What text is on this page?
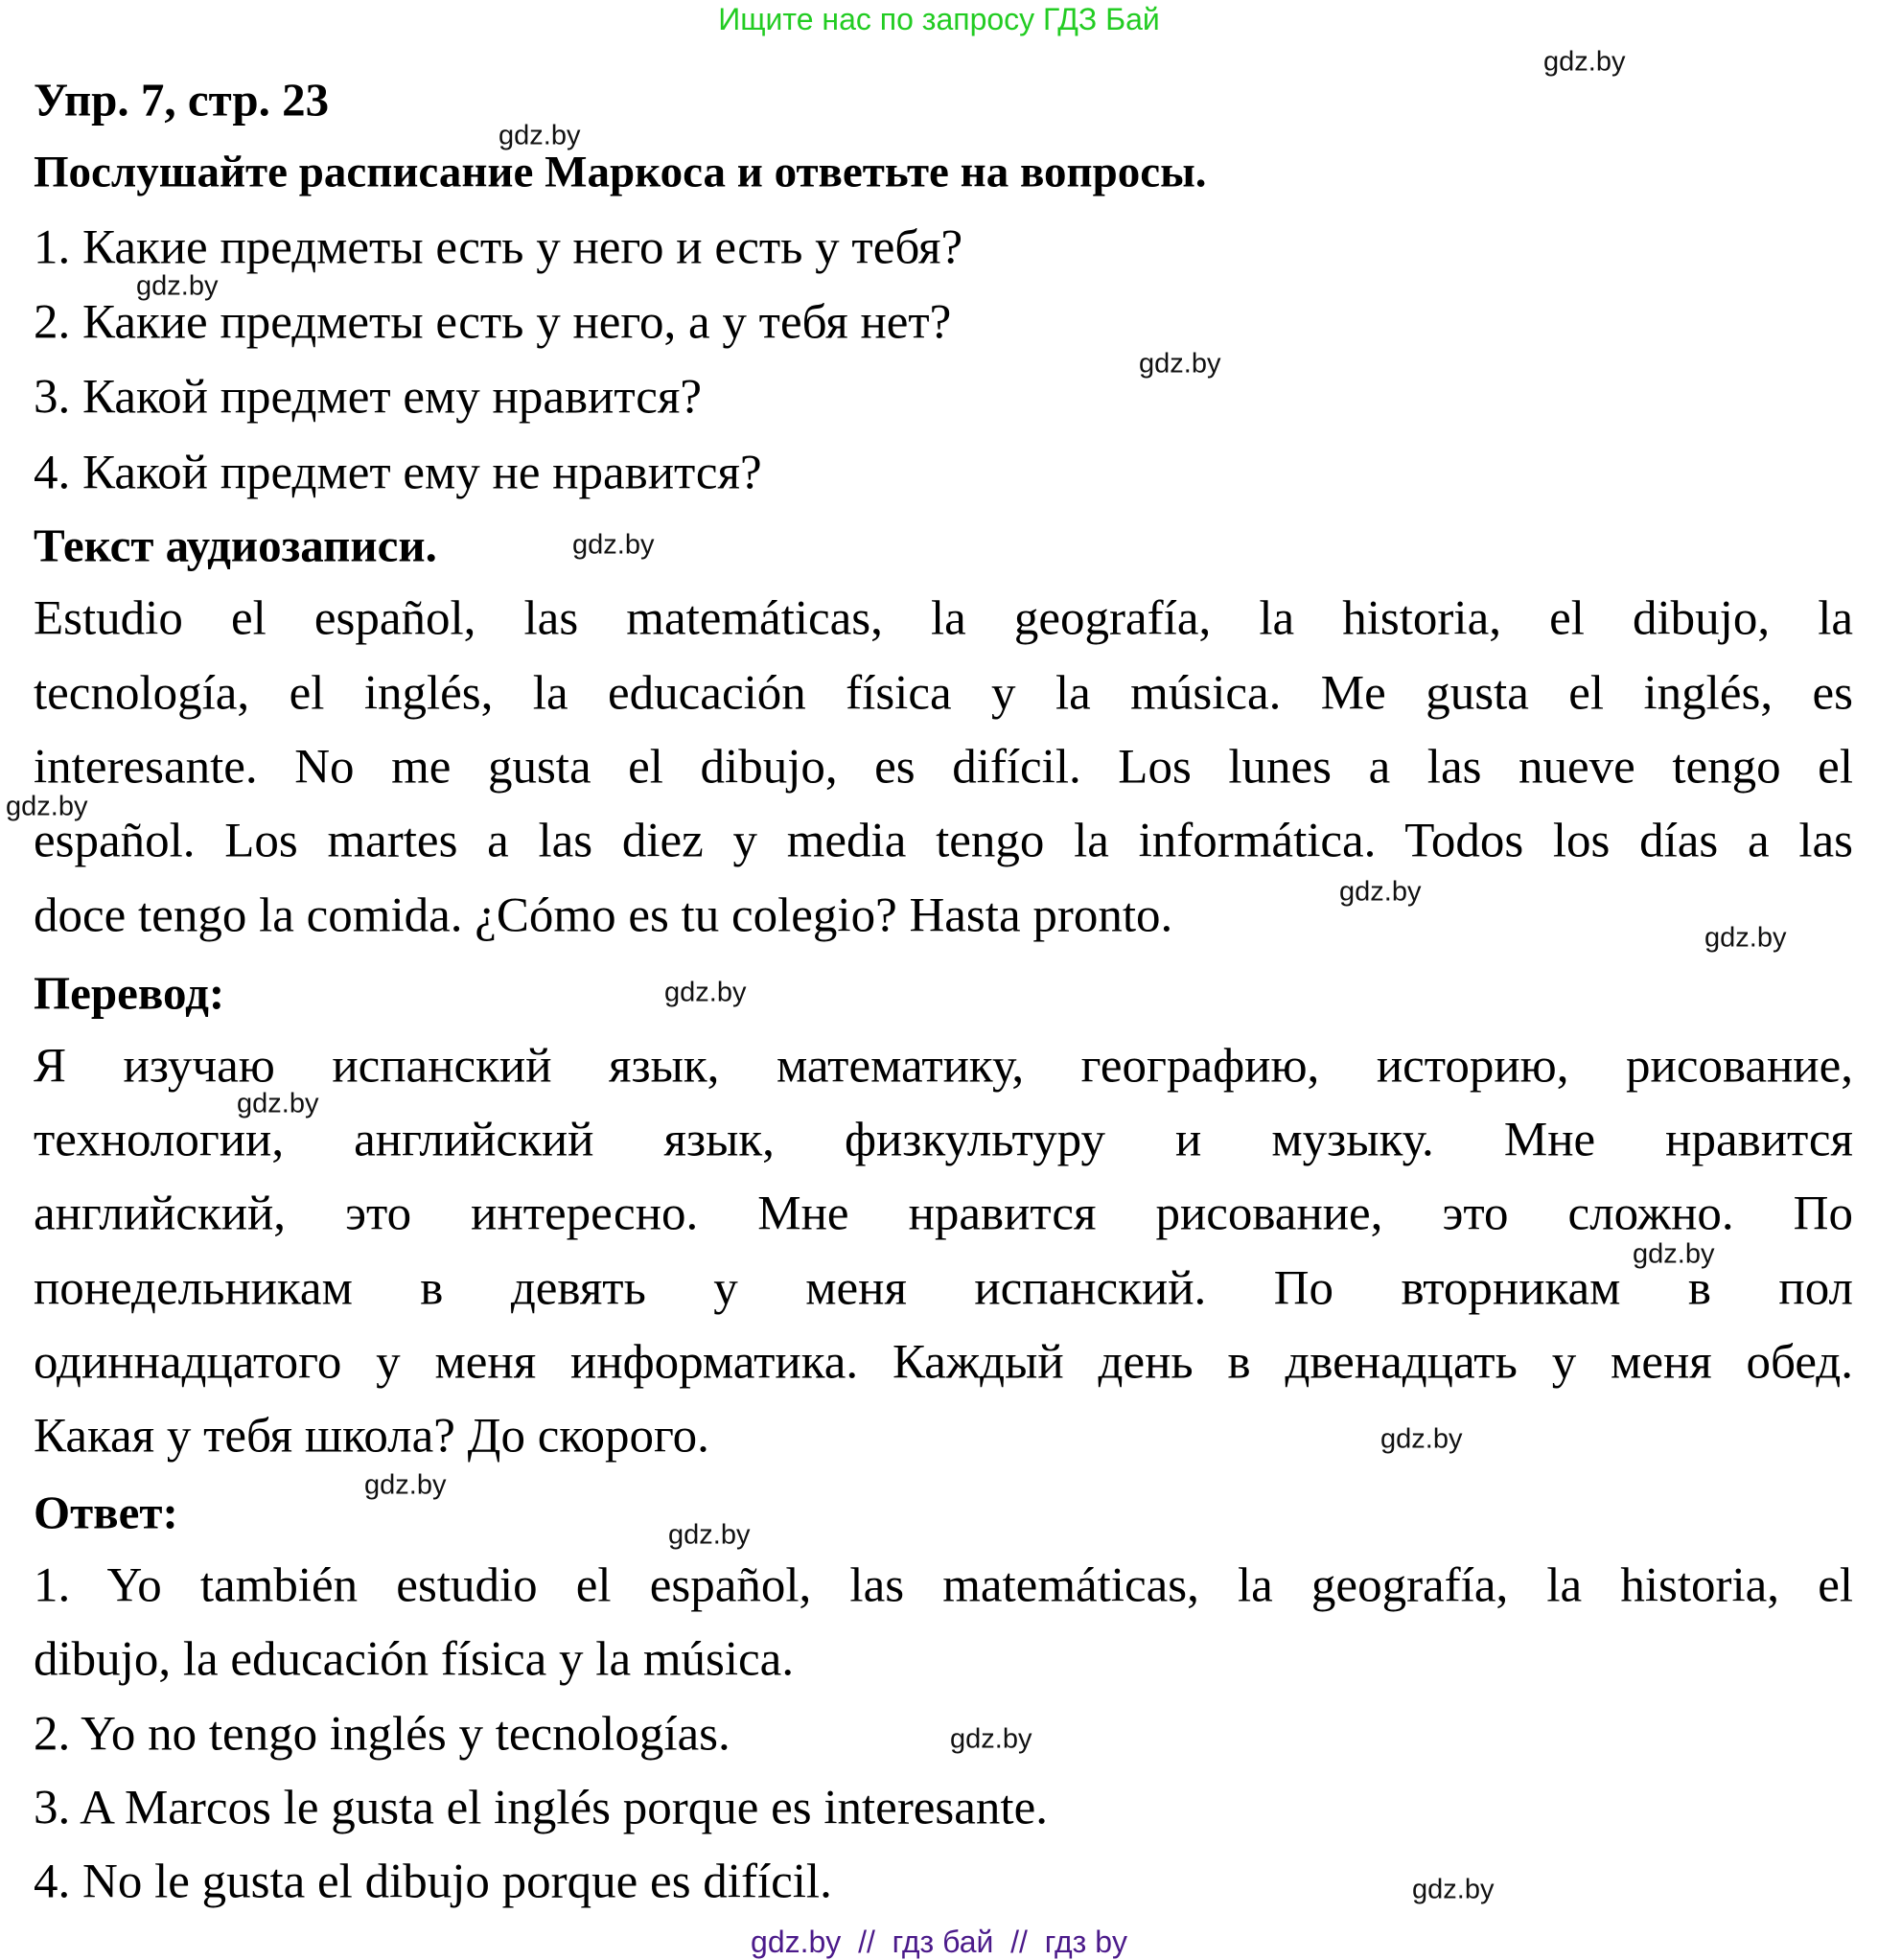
Ищите нас по запросу ГДЗ Бай
Упр. 7, стр. 23
Послушайте расписание Маркоса и ответьте на вопросы.
1. Какие предметы есть у него и есть у тебя?
2. Какие предметы есть у него, а у тебя нет?
3. Какой предмет ему нравится?
4. Какой предмет ему не нравится?
Текст аудиозаписи.
Estudio el español, las matemáticas, la geografía, la historia, el dibujo, la
tecnología, el inglés, la educación física y la música. Me gusta el inglés, es
interesante. No me gusta el dibujo, es difícil. Los lunes a las nueve tengo el
español. Los martes a las diez y media tengo la informática. Todos los días a las
doce tengo la comida. ¿Cómo es tu colegio? Hasta pronto.
Перевод:
Я изучаю испанский язык, математику, географию, историю, рисование,
технологии, английский язык, физкультуру и музыку. Мне нравится
английский, это интересно. Мне нравится рисование, это сложно. По
понедельникам в девять у меня испанский. По вторникам в пол
одиннадцатого у меня информатика. Каждый день в двенадцать у меня обед.
Какая у тебя школа? До скорого.
Ответ:
1. Yo también estudio el español, las matemáticas, la geografía, la historia, el
dibujo, la educación física y la música.
2. Yo no tengo inglés y tecnologías.
3. A Marcos le gusta el inglés porque es interesante.
4. No le gusta el dibujo porque es difícil.
gdz.by
gdz.by
gdz.by
gdz.by
gdz.by
gdz.by
gdz.by
gdz.by
gdz.by
gdz.by
gdz.by
gdz.by
gdz.by
gdz.by
gdz.by
gdz.by
gdz.by  //  гдз бай  //  гдз by
